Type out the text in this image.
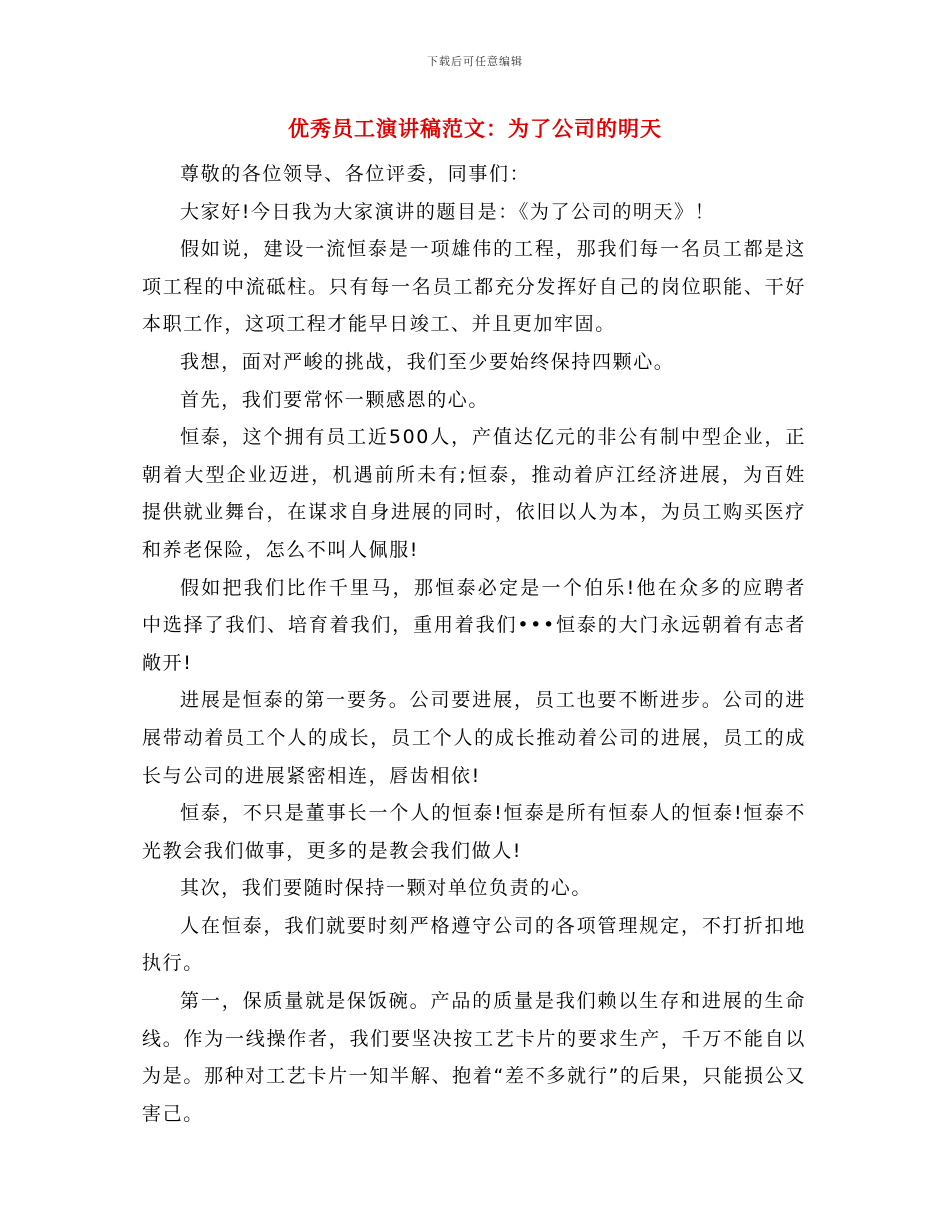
下载后可任意编辑
优秀员工演讲稿范文：为了公司的明天

尊敬的各位领导、各位评委，同事们：

大家好!今日我为大家演讲的题目是：《为了公司的明天》！

假如说，建设一流恒泰是一项雄伟的工程，那我们每一名员工都是这项工程的中流砥柱。只有每一名员工都充分发挥好自己的岗位职能、干好本职工作，这项工程才能早日竣工、并且更加牢固。

我想，面对严峻的挑战，我们至少要始终保持四颗心。

首先，我们要常怀一颗感恩的心。

恒泰，这个拥有员工近500人，产值达亿元的非公有制中型企业，正朝着大型企业迈进，机遇前所未有;恒泰，推动着庐江经济进展，为百姓提供就业舞台，在谋求自身进展的同时，依旧以人为本，为员工购买医疗和养老保险，怎么不叫人佩服!

假如把我们比作千里马，那恒泰必定是一个伯乐!他在众多的应聘者中选择了我们、培育着我们，重用着我们•••恒泰的大门永远朝着有志者敞开!

进展是恒泰的第一要务。公司要进展，员工也要不断进步。公司的进展带动着员工个人的成长，员工个人的成长推动着公司的进展，员工的成长与公司的进展紧密相连，唇齿相依!

恒泰，不只是董事长一个人的恒泰!恒泰是所有恒泰人的恒泰!恒泰不光教会我们做事，更多的是教会我们做人!

其次，我们要随时保持一颗对单位负责的心。

人在恒泰，我们就要时刻严格遵守公司的各项管理规定，不打折扣地执行。

第一，保质量就是保饭碗。产品的质量是我们赖以生存和进展的生命线。作为一线操作者，我们要坚决按工艺卡片的要求生产，千万不能自以为是。那种对工艺卡片一知半解、抱着“差不多就行”的后果，只能损公又害己。
